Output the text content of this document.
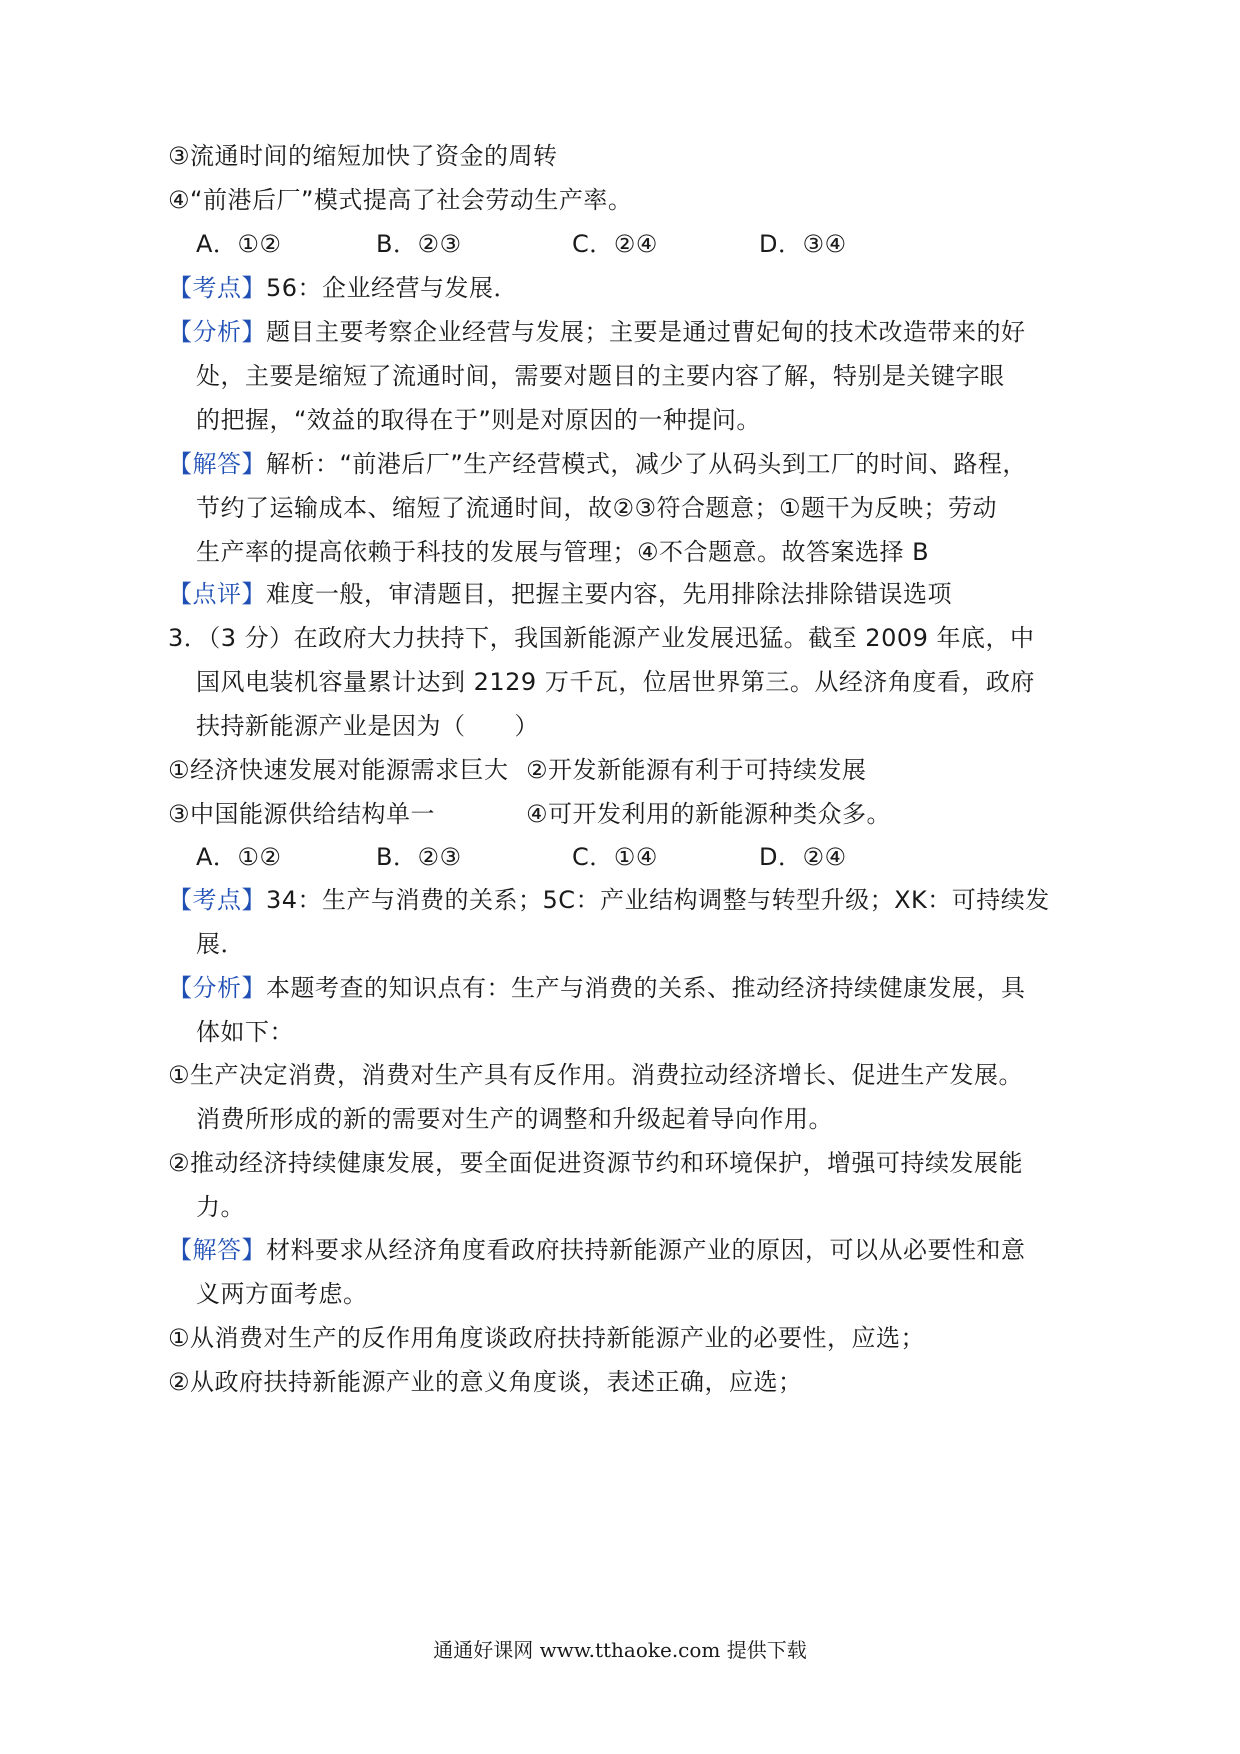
③流通时间的缩短加快了资金的周转
④“前港后厂”模式提高了社会劳动生产率。
A．①②	B．②③	C．②④	D．③④
【考点】56：企业经营与发展．
【分析】题目主要考察企业经营与发展；主要是通过曹妃甸的技术改造带来的好
处，主要是缩短了流通时间，需要对题目的主要内容了解，特别是关键字眼
的把握，“效益的取得在于”则是对原因的一种提问。
【解答】解析：“前港后厂”生产经营模式，减少了从码头到工厂的时间、路程，
节约了运输成本、缩短了流通时间，故②③符合题意；①题干为反映；劳动
生产率的提高依赖于科技的发展与管理；④不合题意。故答案选择 B
【点评】难度一般，审清题目，把握主要内容，先用排除法排除错误选项
3．（3 分）在政府大力扶持下，我国新能源产业发展迅猛。截至 2009 年底，中
国风电装机容量累计达到 2129 万千瓦，位居世界第三。从经济角度看，政府
扶持新能源产业是因为（　　）
①经济快速发展对能源需求巨大 ②开发新能源有利于可持续发展
③中国能源供给结构单一	④可开发利用的新能源种类众多。
A．①②	B．②③	C．①④	D．②④
【考点】34：生产与消费的关系；5C：产业结构调整与转型升级；XK：可持续发
展．
【分析】本题考查的知识点有：生产与消费的关系、推动经济持续健康发展，具
体如下：
①生产决定消费，消费对生产具有反作用。消费拉动经济增长、促进生产发展。
消费所形成的新的需要对生产的调整和升级起着导向作用。
②推动经济持续健康发展，要全面促进资源节约和环境保护，增强可持续发展能
力。
【解答】材料要求从经济角度看政府扶持新能源产业的原因，可以从必要性和意
义两方面考虑。
①从消费对生产的反作用角度谈政府扶持新能源产业的必要性，应选；
②从政府扶持新能源产业的意义角度谈，表述正确，应选；
通通好课网 www.tthaoke.com 提供下载
